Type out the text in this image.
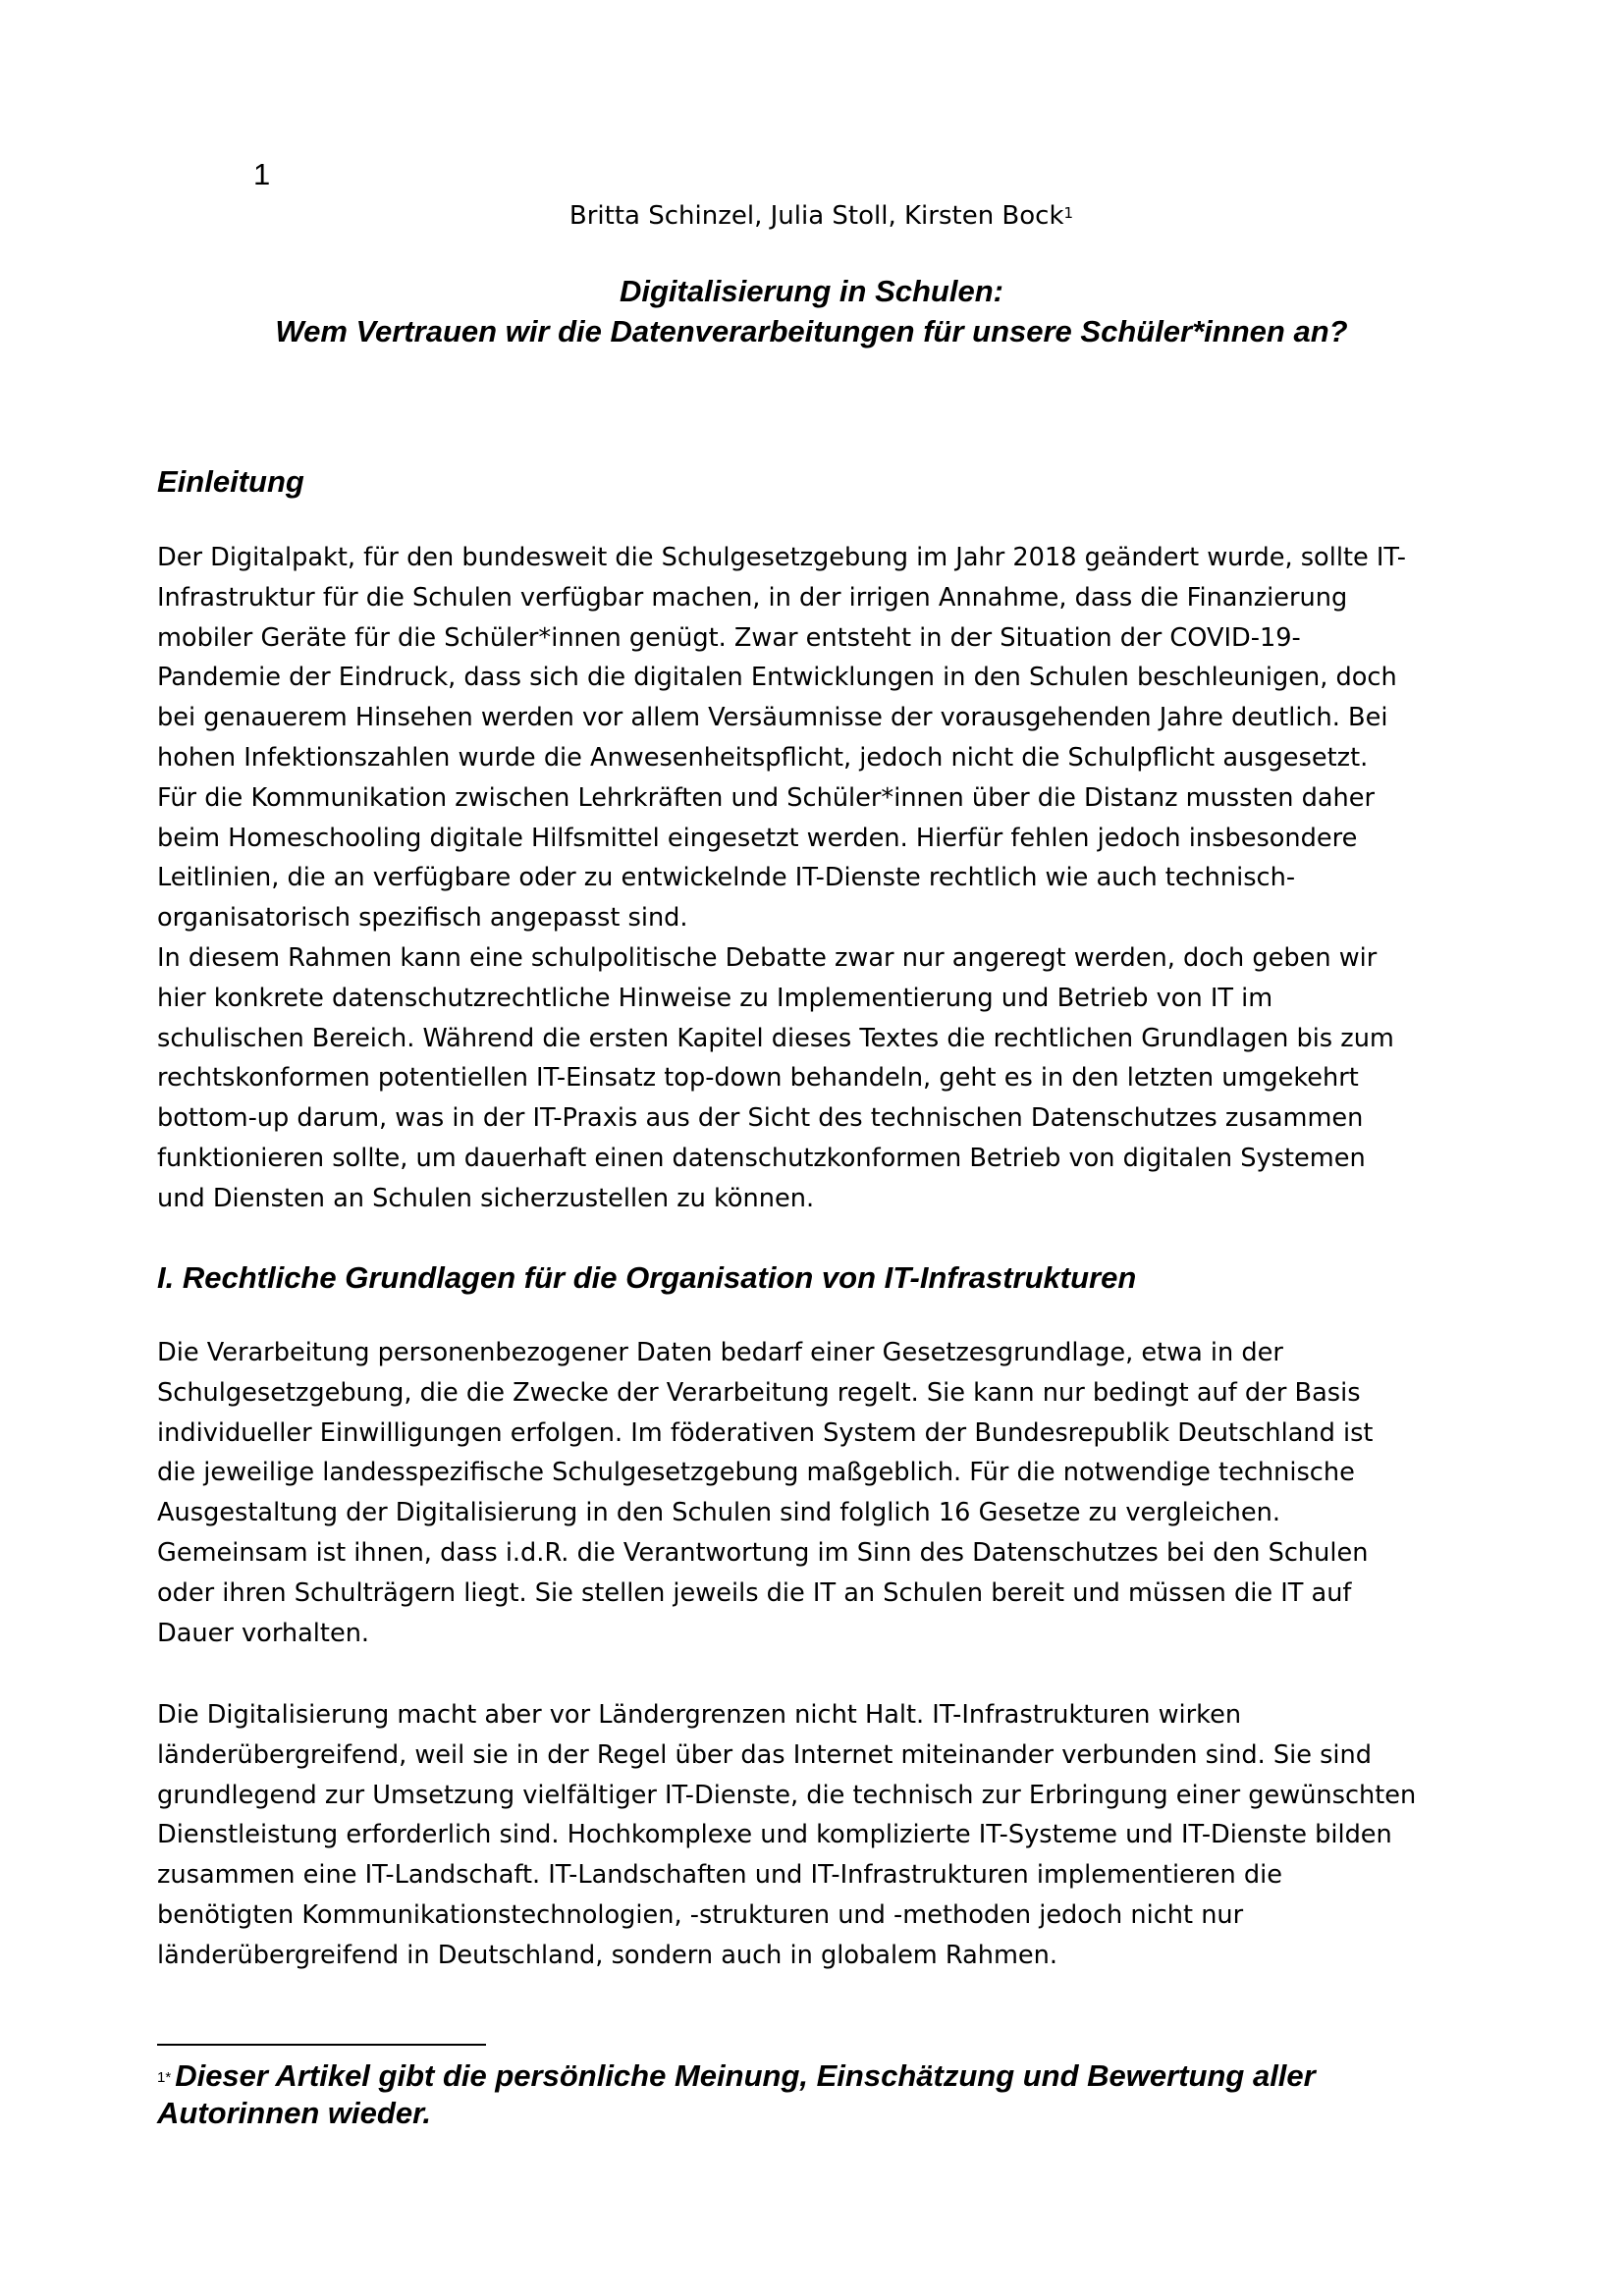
1
Britta Schinzel, Julia Stoll, Kirsten Bock$^1$
Digitalisierung in Schulen:
Wem Vertrauen wir die Datenverarbeitungen für unsere Schüler*innen an?
Einleitung
Der Digitalpakt, für den bundesweit die Schulgesetzgebung im Jahr 2018 geändert wurde, sollte IT-
Infrastruktur für die Schulen verfügbar machen, in der irrigen Annahme, dass die Finanzierung
mobiler Geräte für die Schüler*innen genügt. Zwar entsteht in der Situation der COVID-19-
Pandemie der Eindruck, dass sich die digitalen Entwicklungen in den Schulen beschleunigen, doch
bei genauerem Hinsehen werden vor allem Versäumnisse der vorausgehenden Jahre deutlich. Bei
hohen Infektionszahlen wurde die Anwesenheitspflicht, jedoch nicht die Schulpflicht ausgesetzt.
Für die Kommunikation zwischen Lehrkräften und Schüler*innen über die Distanz mussten daher
beim Homeschooling digitale Hilfsmittel eingesetzt werden. Hierfür fehlen jedoch insbesondere
Leitlinien, die an verfügbare oder zu entwickelnde IT-Dienste rechtlich wie auch technisch-
organisatorisch spezifisch angepasst sind.
In diesem Rahmen kann eine schulpolitische Debatte zwar nur angeregt werden, doch geben wir
hier konkrete datenschutzrechtliche Hinweise zu Implementierung und Betrieb von IT im
schulischen Bereich. Während die ersten Kapitel dieses Textes die rechtlichen Grundlagen bis zum
rechtskonformen potentiellen IT-Einsatz top-down behandeln, geht es in den letzten umgekehrt
bottom-up darum, was in der IT-Praxis aus der Sicht des technischen Datenschutzes zusammen
funktionieren sollte, um dauerhaft einen datenschutzkonformen Betrieb von digitalen Systemen
und Diensten an Schulen sicherzustellen zu können.
I. Rechtliche Grundlagen für die Organisation von IT-Infrastrukturen
Die Verarbeitung personenbezogener Daten bedarf einer Gesetzesgrundlage, etwa in der
Schulgesetzgebung, die die Zwecke der Verarbeitung regelt. Sie kann nur bedingt auf der Basis
individueller Einwilligungen erfolgen. Im föderativen System der Bundesrepublik Deutschland ist
die jeweilige landesspezifische Schulgesetzgebung maßgeblich. Für die notwendige technische
Ausgestaltung der Digitalisierung in den Schulen sind folglich 16 Gesetze zu vergleichen.
Gemeinsam ist ihnen, dass i.d.R. die Verantwortung im Sinn des Datenschutzes bei den Schulen
oder ihren Schulträgern liegt. Sie stellen jeweils die IT an Schulen bereit und müssen die IT auf
Dauer vorhalten.
Die Digitalisierung macht aber vor Ländergrenzen nicht Halt. IT-Infrastrukturen wirken
länderübergreifend, weil sie in der Regel über das Internet miteinander verbunden sind. Sie sind
grundlegend zur Umsetzung vielfältiger IT-Dienste, die technisch zur Erbringung einer gewünschten
Dienstleistung erforderlich sind. Hochkomplexe und komplizierte IT-Systeme und IT-Dienste bilden
zusammen eine IT-Landschaft. IT-Landschaften und IT-Infrastrukturen implementieren die
benötigten Kommunikationstechnologien, -strukturen und -methoden jedoch nicht nur
länderübergreifend in Deutschland, sondern auch in globalem Rahmen.
$^{1*}$ Dieser Artikel gibt die persönliche Meinung, Einschätzung und Bewertung aller
Autorinnen wieder.
